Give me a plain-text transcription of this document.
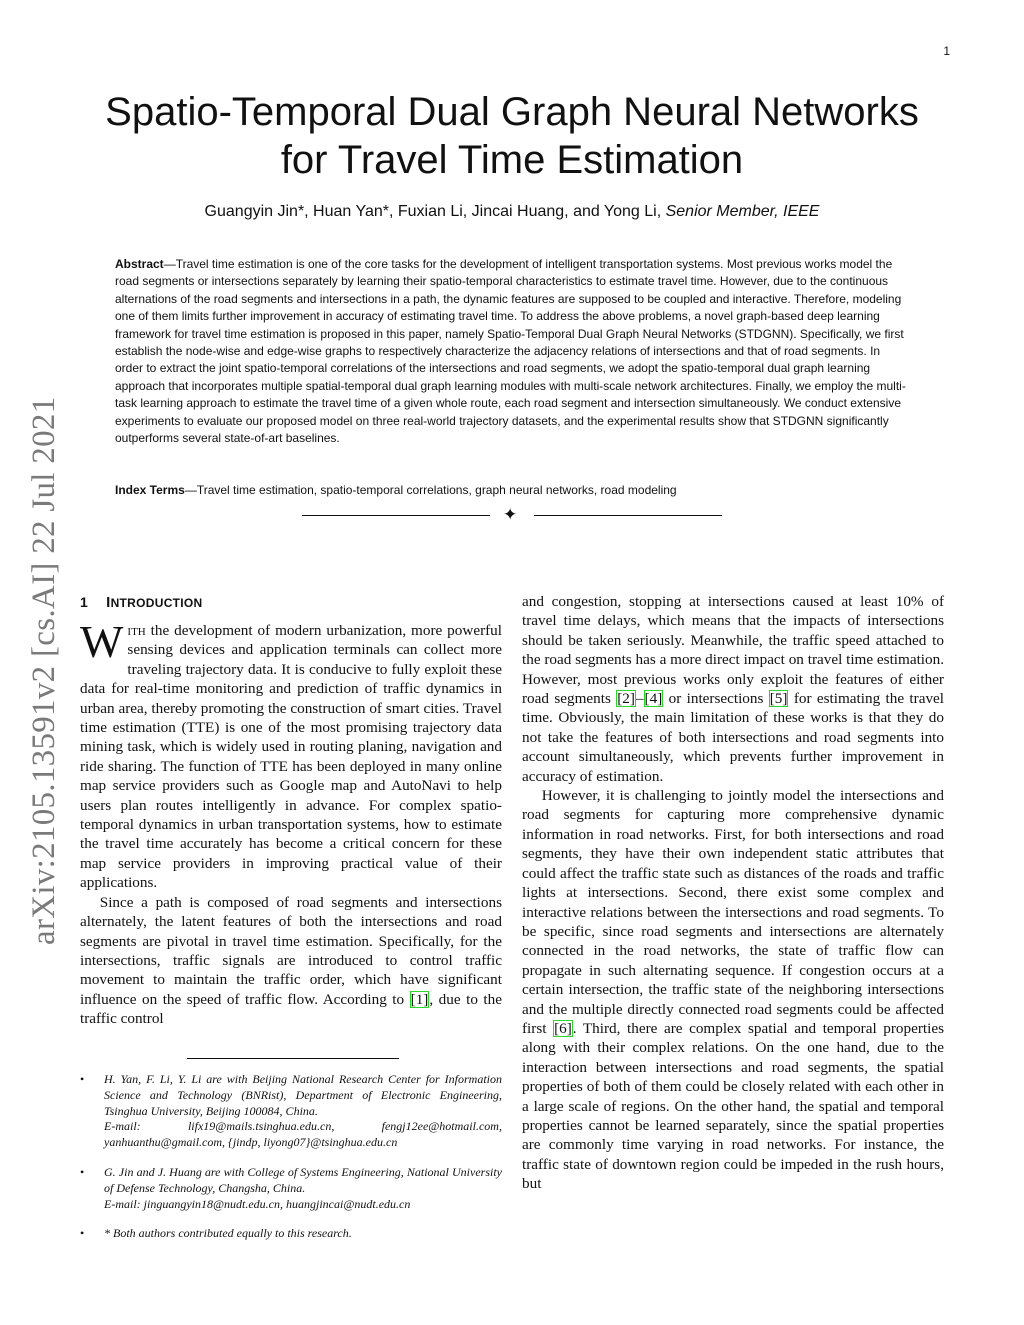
1
arXiv:2105.13591v2 [cs.AI] 22 Jul 2021
Spatio-Temporal Dual Graph Neural Networks
for Travel Time Estimation
Guangyin Jin*, Huan Yan*, Fuxian Li, Jincai Huang, and Yong Li, Senior Member, IEEE

Abstract—Travel time estimation is one of the core tasks for the development of intelligent transportation systems. Most previous works model the road segments or intersections separately by learning their spatio-temporal characteristics to estimate travel time. However, due to the continuous alternations of the road segments and intersections in a path, the dynamic features are supposed to be coupled and interactive. Therefore, modeling one of them limits further improvement in accuracy of estimating travel time. To address the above problems, a novel graph-based deep learning framework for travel time estimation is proposed in this paper, namely Spatio-Temporal Dual Graph Neural Networks (STDGNN). Specifically, we first establish the node-wise and edge-wise graphs to respectively characterize the adjacency relations of intersections and that of road segments. In order to extract the joint spatio-temporal correlations of the intersections and road segments, we adopt the spatio-temporal dual graph learning approach that incorporates multiple spatial-temporal dual graph learning modules with multi-scale network architectures. Finally, we employ the multi-task learning approach to estimate the travel time of a given whole route, each road segment and intersection simultaneously. We conduct extensive experiments to evaluate our proposed model on three real-world trajectory datasets, and the experimental results show that STDGNN significantly outperforms several state-of-art baselines.

Index Terms—Travel time estimation, spatio-temporal correlations, graph neural networks, road modeling

✦
1 INTRODUCTION

With the development of modern urbanization, more powerful sensing devices and application terminals can collect more traveling trajectory data. It is conducive to fully exploit these data for real-time monitoring and prediction of traffic dynamics in urban area, thereby promoting the construction of smart cities. Travel time estimation (TTE) is one of the most promising trajectory data mining task, which is widely used in routing planing, navigation and ride sharing. The function of TTE has been deployed in many online map service providers such as Google map and AutoNavi to help users plan routes intelligently in advance. For complex spatio-temporal dynamics in urban transportation systems, how to estimate the travel time accurately has become a critical concern for these map service providers in improving practical value of their applications.

Since a path is composed of road segments and intersections alternately, the latent features of both the intersections and road segments are pivotal in travel time estimation. Specifically, for the intersections, traffic signals are introduced to control traffic movement to maintain the traffic order, which have significant influence on the speed of traffic flow. According to [1], due to the traffic control

and congestion, stopping at intersections caused at least 10% of travel time delays, which means that the impacts of intersections should be taken seriously. Meanwhile, the traffic speed attached to the road segments has a more direct impact on travel time estimation. However, most previous works only exploit the features of either road segments [2]–[4] or intersections [5] for estimating the travel time. Obviously, the main limitation of these works is that they do not take the features of both intersections and road segments into account simultaneously, which prevents further improvement in accuracy of estimation.

However, it is challenging to jointly model the intersections and road segments for capturing more comprehensive dynamic information in road networks. First, for both intersections and road segments, they have their own independent static attributes that could affect the traffic state such as distances of the roads and traffic lights at intersections. Second, there exist some complex and interactive relations between the intersections and road segments. To be specific, since road segments and intersections are alternately connected in the road networks, the state of traffic flow can propagate in such alternating sequence. If congestion occurs at a certain intersection, the traffic state of the neighboring intersections and the multiple directly connected road segments could be affected first [6]. Third, there are complex spatial and temporal properties along with their complex relations. On the one hand, due to the interaction between intersections and road segments, the spatial properties of both of them could be closely related with each other in a large scale of regions. On the other hand, the spatial and temporal properties cannot be learned separately, since the spatial properties are commonly time varying in road networks. For instance, the traffic state of downtown region could be impeded in the rush hours, but

• H. Yan, F. Li, Y. Li are with Beijing National Research Center for Information Science and Technology (BNRist), Department of Electronic Engineering, Tsinghua University, Beijing 100084, China.
E-mail:	lifx19@mails.tsinghua.edu.cn,	fengj12ee@hotmail.com,
yanhuanthu@gmail.com, {jindp, liyong07}@tsinghua.edu.cn
• G. Jin and J. Huang are with College of Systems Engineering, National University of Defense Technology, Changsha, China.
E-mail: jinguangyin18@nudt.edu.cn, huangjincai@nudt.edu.cn
• * Both authors contributed equally to this research.
